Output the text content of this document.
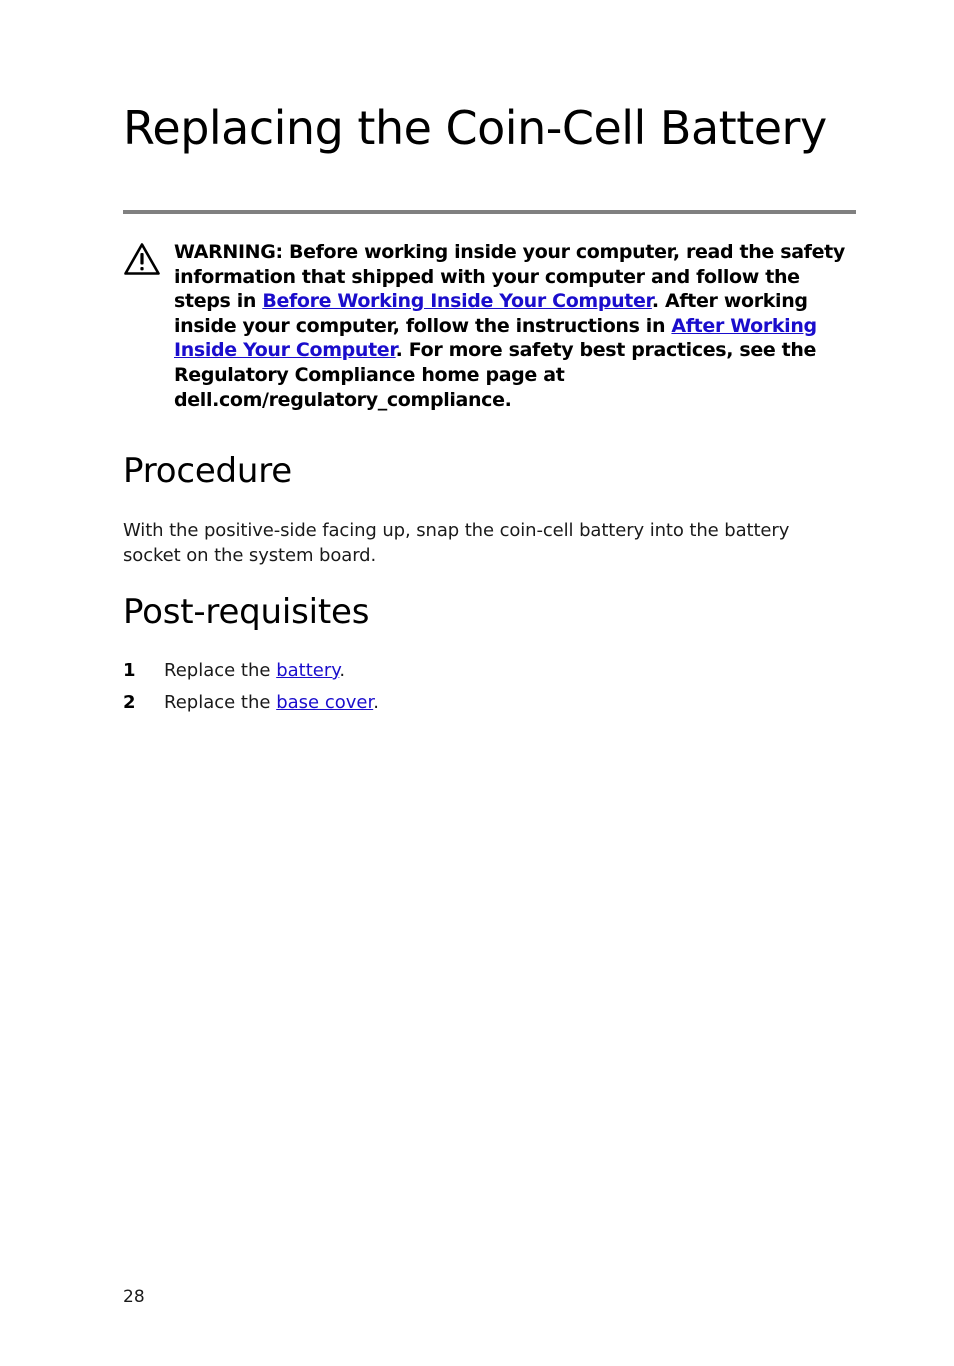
Replacing the Coin-Cell Battery

WARNING: Before working inside your computer, read the safety information that shipped with your computer and follow the steps in Before Working Inside Your Computer. After working inside your computer, follow the instructions in After Working Inside Your Computer. For more safety best practices, see the Regulatory Compliance home page at dell.com/regulatory_compliance.

Procedure

With the positive-side facing up, snap the coin-cell battery into the battery socket on the system board.

Post-requisites
1 Replace the battery.
2 Replace the base cover.
28
